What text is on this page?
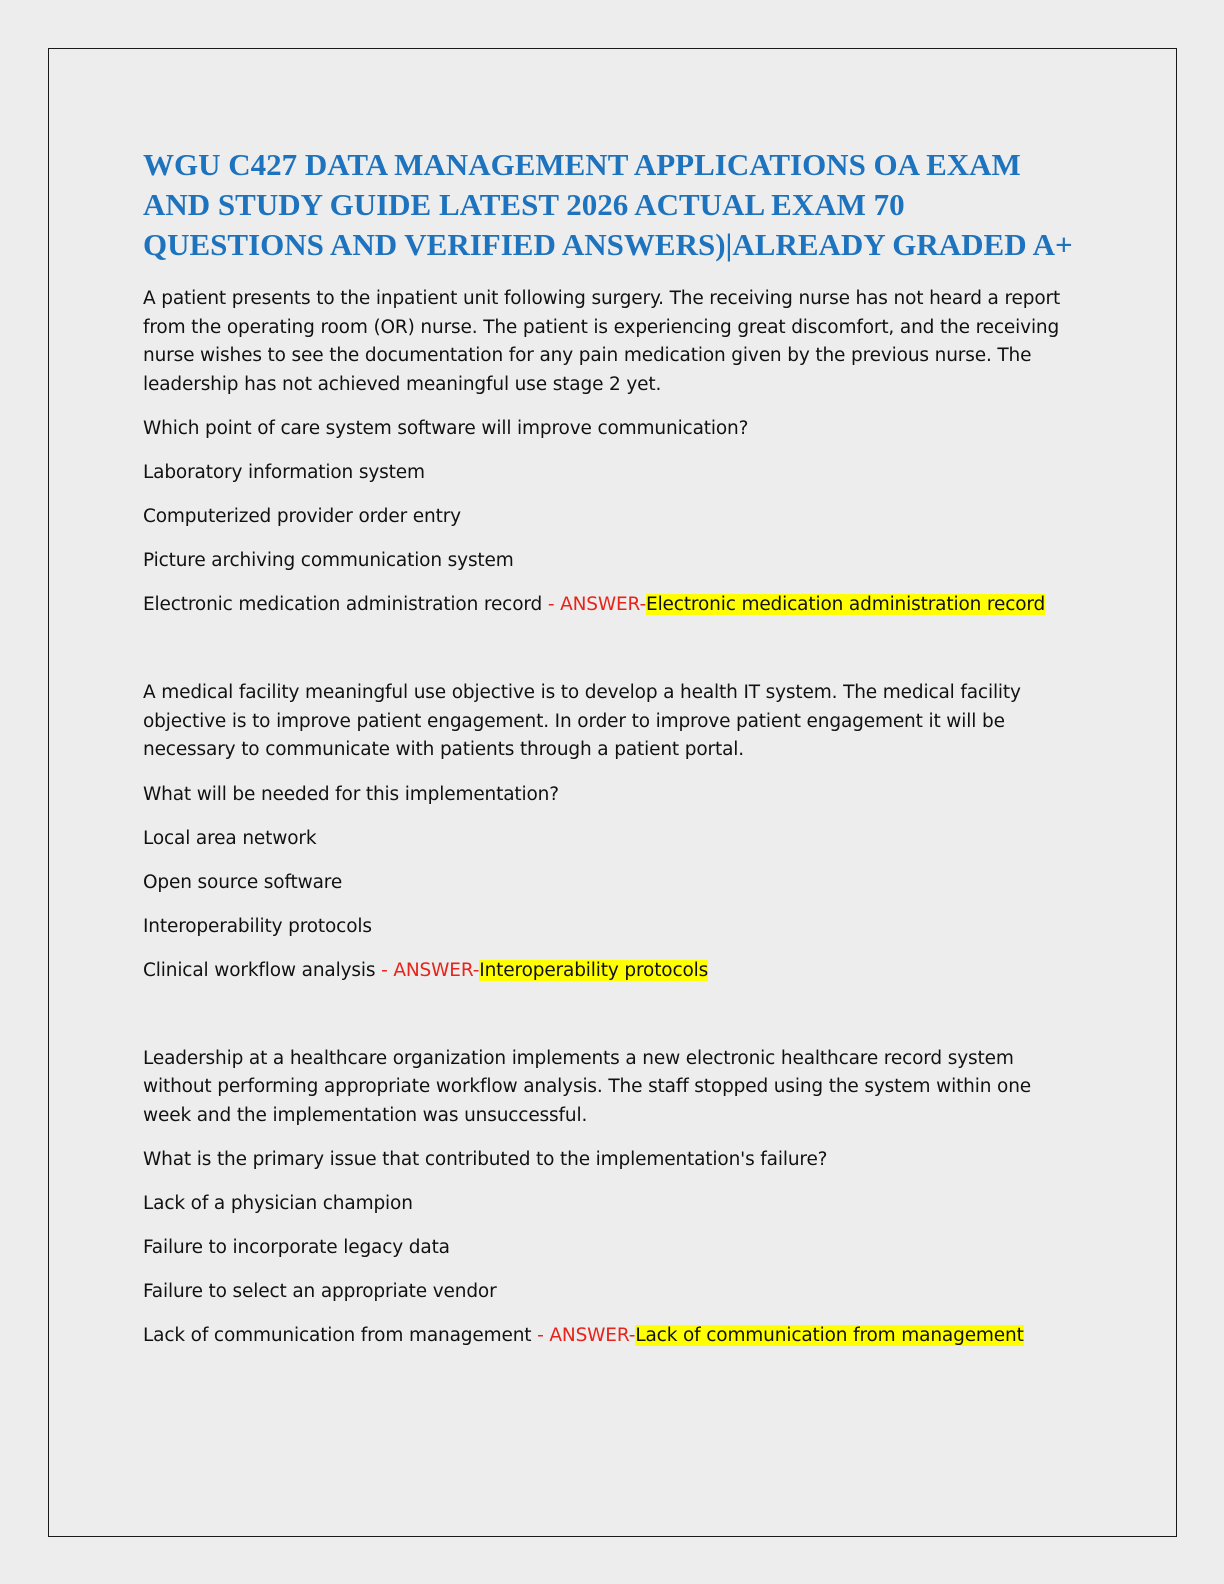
WGU C427 DATA MANAGEMENT APPLICATIONS OA EXAM AND STUDY GUIDE LATEST 2026 ACTUAL EXAM 70 QUESTIONS AND VERIFIED ANSWERS)|ALREADY GRADED A+

A patient presents to the inpatient unit following surgery. The receiving nurse has not heard a report from the operating room (OR) nurse. The patient is experiencing great discomfort, and the receiving nurse wishes to see the documentation for any pain medication given by the previous nurse. The leadership has not achieved meaningful use stage 2 yet.

Which point of care system software will improve communication?

Laboratory information system

Computerized provider order entry

Picture archiving communication system

Electronic medication administration record - ANSWER-Electronic medication administration record

A medical facility meaningful use objective is to develop a health IT system. The medical facility objective is to improve patient engagement. In order to improve patient engagement it will be necessary to communicate with patients through a patient portal.

What will be needed for this implementation?

Local area network

Open source software

Interoperability protocols

Clinical workflow analysis - ANSWER-Interoperability protocols

Leadership at a healthcare organization implements a new electronic healthcare record system without performing appropriate workflow analysis. The staff stopped using the system within one week and the implementation was unsuccessful.

What is the primary issue that contributed to the implementation's failure?

Lack of a physician champion

Failure to incorporate legacy data

Failure to select an appropriate vendor

Lack of communication from management - ANSWER-Lack of communication from management
